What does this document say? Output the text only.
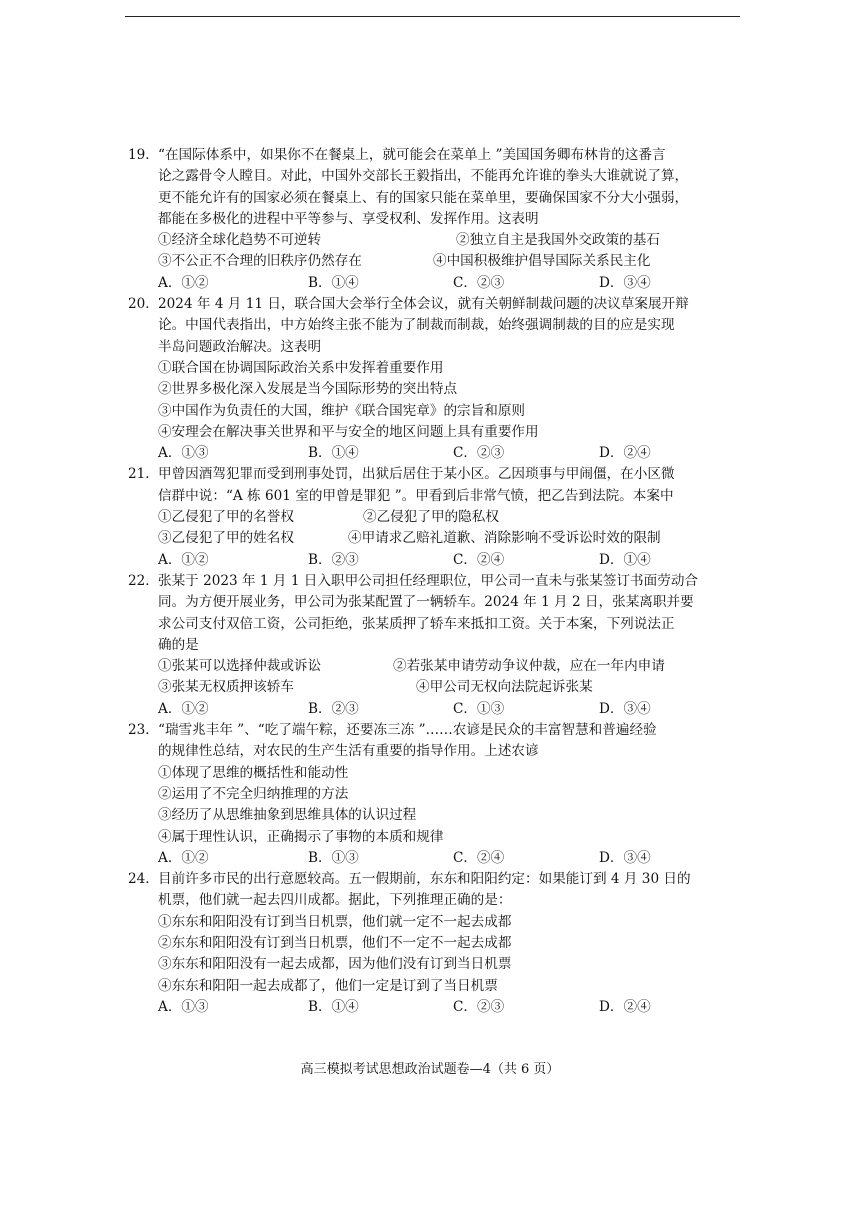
19．“在国际体系中，如果你不在餐桌上，就可能会在菜单上 ”美国国务卿布林肯的这番言
论之露骨令人瞠目。对此，中国外交部长王毅指出，不能再允许谁的拳头大谁就说了算，
更不能允许有的国家必须在餐桌上、有的国家只能在菜单里，要确保国家不分大小强弱，
都能在多极化的进程中平等参与、享受权利、发挥作用。这表明
①经济全球化趋势不可逆转	②独立自主是我国外交政策的基石
③不公正不合理的旧秩序仍然存在	④中国积极维护倡导国际关系民主化
A．①②	B．①④	C．②③	D．③④
20．2024 年 4 月 11 日，联合国大会举行全体会议，就有关朝鲜制裁问题的决议草案展开辩
论。中国代表指出，中方始终主张不能为了制裁而制裁，始终强调制裁的目的应是实现
半岛问题政治解决。这表明
①联合国在协调国际政治关系中发挥着重要作用
②世界多极化深入发展是当今国际形势的突出特点
③中国作为负责任的大国，维护《联合国宪章》的宗旨和原则
④安理会在解决事关世界和平与安全的地区问题上具有重要作用
A．①③	B．①④	C．②③	D．②④
21．甲曾因酒驾犯罪而受到刑事处罚，出狱后居住于某小区。乙因琐事与甲闹僵，在小区微
信群中说：“A 栋 601 室的甲曾是罪犯 ”。甲看到后非常气愤，把乙告到法院。本案中
①乙侵犯了甲的名誉权	②乙侵犯了甲的隐私权
③乙侵犯了甲的姓名权	④甲请求乙赔礼道歉、消除影响不受诉讼时效的限制
A．①②	B．②③	C．②④	D．①④
22．张某于 2023 年 1 月 1 日入职甲公司担任经理职位，甲公司一直未与张某签订书面劳动合
同。为方便开展业务，甲公司为张某配置了一辆轿车。2024 年 1 月 2 日，张某离职并要
求公司支付双倍工资，公司拒绝，张某质押了轿车来抵扣工资。关于本案，下列说法正
确的是
①张某可以选择仲裁或诉讼	②若张某申请劳动争议仲裁，应在一年内申请
③张某无权质押该轿车	④甲公司无权向法院起诉张某
A．①②	B．②③	C．①③	D．③④
23．“瑞雪兆丰年 ”、“吃了端午粽，还要冻三冻 ”……农谚是民众的丰富智慧和普遍经验
的规律性总结，对农民的生产生活有重要的指导作用。上述农谚
①体现了思维的概括性和能动性
②运用了不完全归纳推理的方法
③经历了从思维抽象到思维具体的认识过程
④属于理性认识，正确揭示了事物的本质和规律
A．①②	B．①③	C．②④	D．③④
24．目前许多市民的出行意愿较高。五一假期前，东东和阳阳约定：如果能订到 4 月 30 日的
机票，他们就一起去四川成都。据此，下列推理正确的是：
①东东和阳阳没有订到当日机票，他们就一定不一起去成都
②东东和阳阳没有订到当日机票，他们不一定不一起去成都
③东东和阳阳没有一起去成都，因为他们没有订到当日机票
④东东和阳阳一起去成都了，他们一定是订到了当日机票
A．①③	B．①④	C．②③	D．②④
高三模拟考试思想政治试题卷—4（共 6 页）
